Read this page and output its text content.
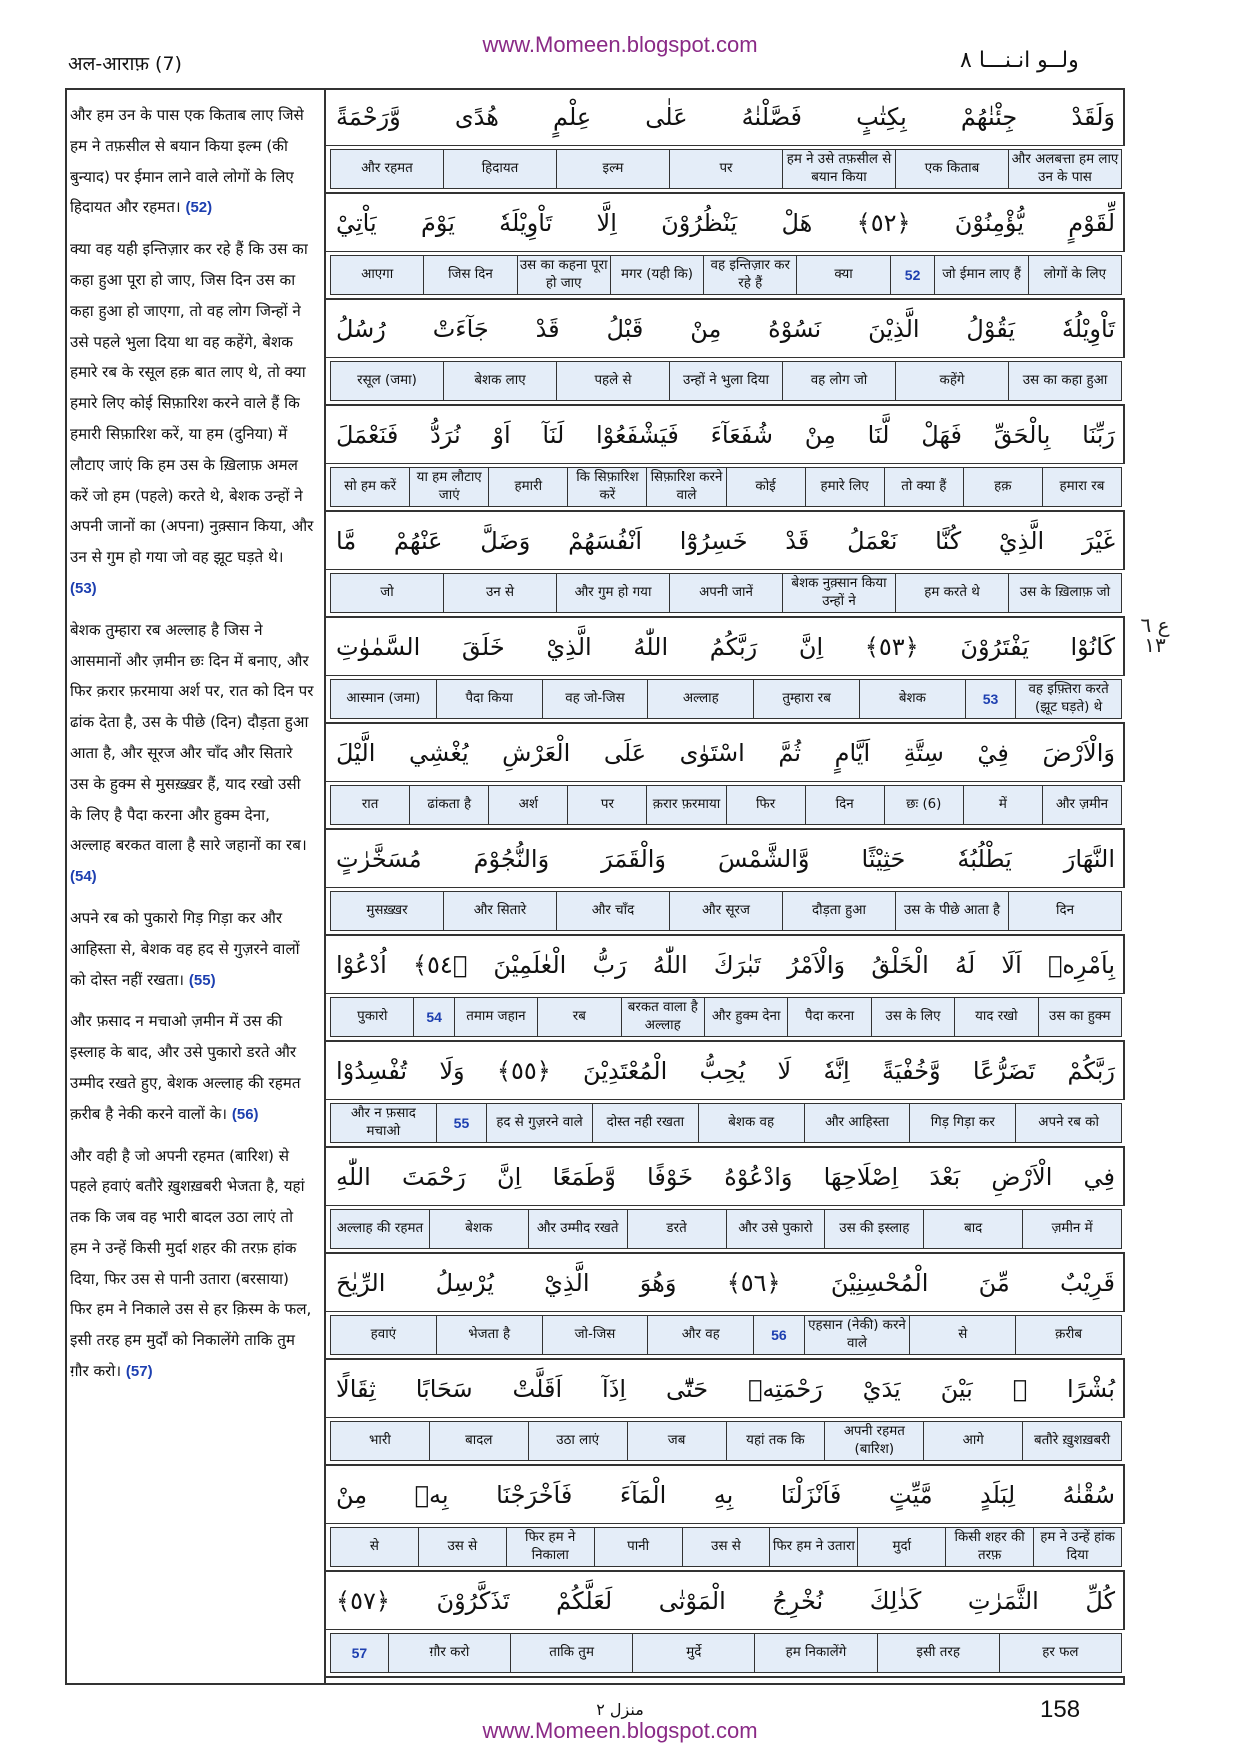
www.Momeen.blogspot.com
अल-आराफ़ (7)	ولــو انـنـــا ٨

और हम उन के पास एक किताब लाए जिसे हम ने तफ़सील से बयान किया इल्म (की बुन्याद) पर ईमान लाने वाले लोगों के लिए हिदायत और रहमत। (52)

क्या वह यही इन्तिज़ार कर रहे हैं कि उस का कहा हुआ पूरा हो जाए, जिस दिन उस का कहा हुआ हो जाएगा, तो वह लोग जिन्हों ने उसे पहले भुला दिया था वह कहेंगे, बेशक हमारे रब के रसूल हक़ बात लाए थे, तो क्या हमारे लिए कोई सिफ़ारिश करने वाले हैं कि हमारी सिफ़ारिश करें, या हम (दुनिया) में लौटाए जाएं कि हम उस के ख़िलाफ़ अमल करें जो हम (पहले) करते थे, बेशक उन्हों ने अपनी जानों का (अपना) नुक़्सान किया, और उन से गुम हो गया जो वह झूट घड़ते थे। (53)

बेशक तुम्हारा रब अल्लाह है जिस ने आसमानों और ज़मीन छः दिन में बनाए, और फिर क़रार फ़रमाया अर्श पर, रात को दिन पर ढांक देता है, उस के पीछे (दिन) दौड़ता हुआ आता है, और सूरज और चाँद और सितारे उस के हुक्म से मुसख़्ख़र हैं, याद रखो उसी के लिए है पैदा करना और हुक्म देना, अल्लाह बरकत वाला है सारे जहानों का रब। (54)

अपने रब को पुकारो गिड़ गिड़ा कर और आहिस्ता से, बेशक वह हद से गुज़रने वालों को दोस्त नहीं रखता। (55)

और फ़साद न मचाओ ज़मीन में उस की इस्लाह के बाद, और उसे पुकारो डरते और उम्मीद रखते हुए, बेशक अल्लाह की रहमत क़रीब है नेकी करने वालों के। (56)

और वही है जो अपनी रहमत (बारिश) से पहले हवाएं बतौरे ख़ुशख़बरी भेजता है, यहां तक कि जब वह भारी बादल उठा लाएं तो हम ने उन्हें किसी मुर्दा शहर की तरफ़ हांक दिया, फिर उस से पानी उतारा (बरसाया) फिर हम ने निकाले उस से हर क़िस्म के फल, इसी तरह हम मुर्दों को निकालेंगे ताकि तुम ग़ौर करो। (57)

وَلَقَدْ جِئْنٰهُمْ بِكِتٰبٍ فَصَّلْنٰهُ عَلٰى عِلْمٍ هُدًى وَّرَحْمَةً
और अलबत्ता हम लाए उन के पास
एक किताब
हम ने उसे तफ़सील से बयान किया
पर
इल्म
हिदायत
और रहमत
لِّقَوْمٍ يُّؤْمِنُوْنَ ﴿٥٢﴾ هَلْ يَنْظُرُوْنَ اِلَّا تَاْوِيْلَهٗ يَوْمَ يَاْتِيْ
लोगों के लिए
जो ईमान लाए हैं
52
क्या
वह इन्तिज़ार कर रहे हैं
मगर (यही कि)
उस का कहना पूरा हो जाए
जिस दिन
आएगा
تَاْوِيْلُهٗ يَقُوْلُ الَّذِيْنَ نَسُوْهُ مِنْ قَبْلُ قَدْ جَآءَتْ رُسُلُ
उस का कहा हुआ
कहेंगे
वह लोग जो
उन्हों ने भुला दिया
पहले से
बेशक लाए
रसूल (जमा)
رَبِّنَا بِالْحَقِّ فَهَلْ لَّنَا مِنْ شُفَعَآءَ فَيَشْفَعُوْا لَنَآ اَوْ نُرَدُّ فَنَعْمَلَ
हमारा रब
हक़
तो क्या हैं
हमारे लिए
कोई
सिफ़ारिश करने वाले
कि सिफ़ारिश करें
हमारी
या हम लौटाए जाएं
सो हम करें
غَيْرَ الَّذِيْ كُنَّا نَعْمَلُ قَدْ خَسِرُوْٓا اَنْفُسَهُمْ وَضَلَّ عَنْهُمْ مَّا
उस के ख़िलाफ़ जो
हम करते थे
बेशक नुक़्सान किया उन्हों ने
अपनी जानें
और गुम हो गया
उन से
जो
كَانُوْا يَفْتَرُوْنَ ﴿٥٣﴾ اِنَّ رَبَّكُمُ اللّٰهُ الَّذِيْ خَلَقَ السَّمٰوٰتِ
वह इफ़्तिरा करते (झूट घड़ते) थे
53
बेशक
तुम्हारा रब
अल्लाह
वह जो-जिस
पैदा किया
आस्मान (जमा)
وَالْاَرْضَ فِيْ سِتَّةِ اَيَّامٍ ثُمَّ اسْتَوٰى عَلَى الْعَرْشِ يُغْشِي الَّيْلَ
और ज़मीन
में
छः (6)
दिन
फिर
क़रार फ़रमाया
पर
अर्श
ढांकता है
रात
النَّهَارَ يَطْلُبُهٗ حَثِيْثًا وَّالشَّمْسَ وَالْقَمَرَ وَالنُّجُوْمَ مُسَخَّرٰتٍ
दिन
उस के पीछे आता है
दौड़ता हुआ
और सूरज
और चाँद
और सितारे
मुसख़्ख़र
بِاَمْرِهٖ اَلَا لَهُ الْخَلْقُ وَالْاَمْرُ تَبٰرَكَ اللّٰهُ رَبُّ الْعٰلَمِيْنَ ﴿٥٤﴾ اُدْعُوْا
उस का हुक्म
याद रखो
उस के लिए
पैदा करना
और हुक्म देना
बरकत वाला है अल्लाह
रब
तमाम जहान
54
पुकारो
رَبَّكُمْ تَضَرُّعًا وَّخُفْيَةً اِنَّهٗ لَا يُحِبُّ الْمُعْتَدِيْنَ ﴿٥٥﴾ وَلَا تُفْسِدُوْا
अपने रब को
गिड़ गिड़ा कर
और आहिस्ता
बेशक वह
दोस्त नही रखता
हद से गुज़रने वाले
55
और न फ़साद मचाओ
فِي الْاَرْضِ بَعْدَ اِصْلَاحِهَا وَادْعُوْهُ خَوْفًا وَّطَمَعًا اِنَّ رَحْمَتَ اللّٰهِ
ज़मीन में
बाद
उस की इस्लाह
और उसे पुकारो
डरते
और उम्मीद रखते
बेशक
अल्लाह की रहमत
قَرِيْبٌ مِّنَ الْمُحْسِنِيْنَ ﴿٥٦﴾ وَهُوَ الَّذِيْ يُرْسِلُ الرِّيٰحَ
क़रीब
से
एहसान (नेकी) करने वाले
56
और वह
जो-जिस
भेजता है
हवाएं
بُشْرًا ۢ بَيْنَ يَدَيْ رَحْمَتِهٖ حَتّٰٓى اِذَآ اَقَلَّتْ سَحَابًا ثِقَالًا
बतौरे ख़ुशख़बरी
आगे
अपनी रहमत (बारिश)
यहां तक कि
जब
उठा लाएं
बादल
भारी
سُقْنٰهُ لِبَلَدٍ مَّيِّتٍ فَاَنْزَلْنَا بِهِ الْمَآءَ فَاَخْرَجْنَا بِهٖ مِنْ
हम ने उन्हें हांक दिया
किसी शहर की तरफ़
मुर्दा
फिर हम ने उतारा
उस से
पानी
फिर हम ने निकाला
उस से
से
كُلِّ الثَّمَرٰتِ كَذٰلِكَ نُخْرِجُ الْمَوْتٰى لَعَلَّكُمْ تَذَكَّرُوْنَ ﴿٥٧﴾
हर फल
इसी तरह
हम निकालेंगे
मुर्दे
ताकि तुम
ग़ौर करो
57
ع ٦ ١٣
منزل ٢	158
www.Momeen.blogspot.com
